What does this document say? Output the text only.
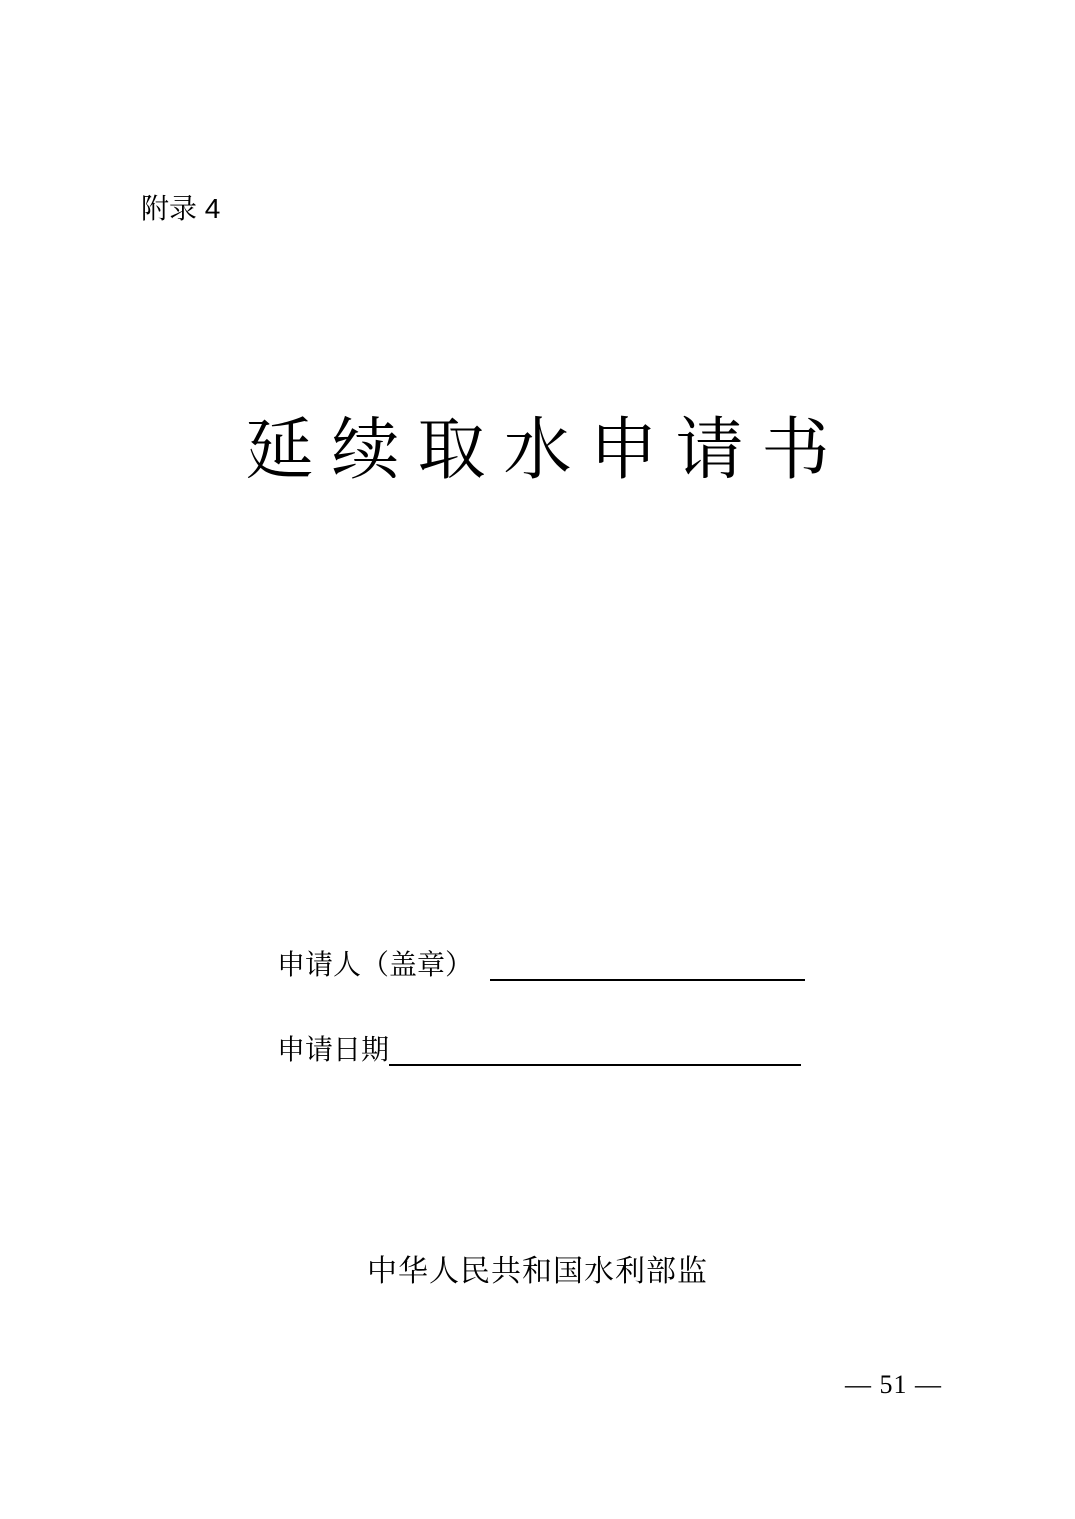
附录 4
延续取水申请书
申请人（盖章）
申请日期
中华人民共和国水利部监
— 51 —
